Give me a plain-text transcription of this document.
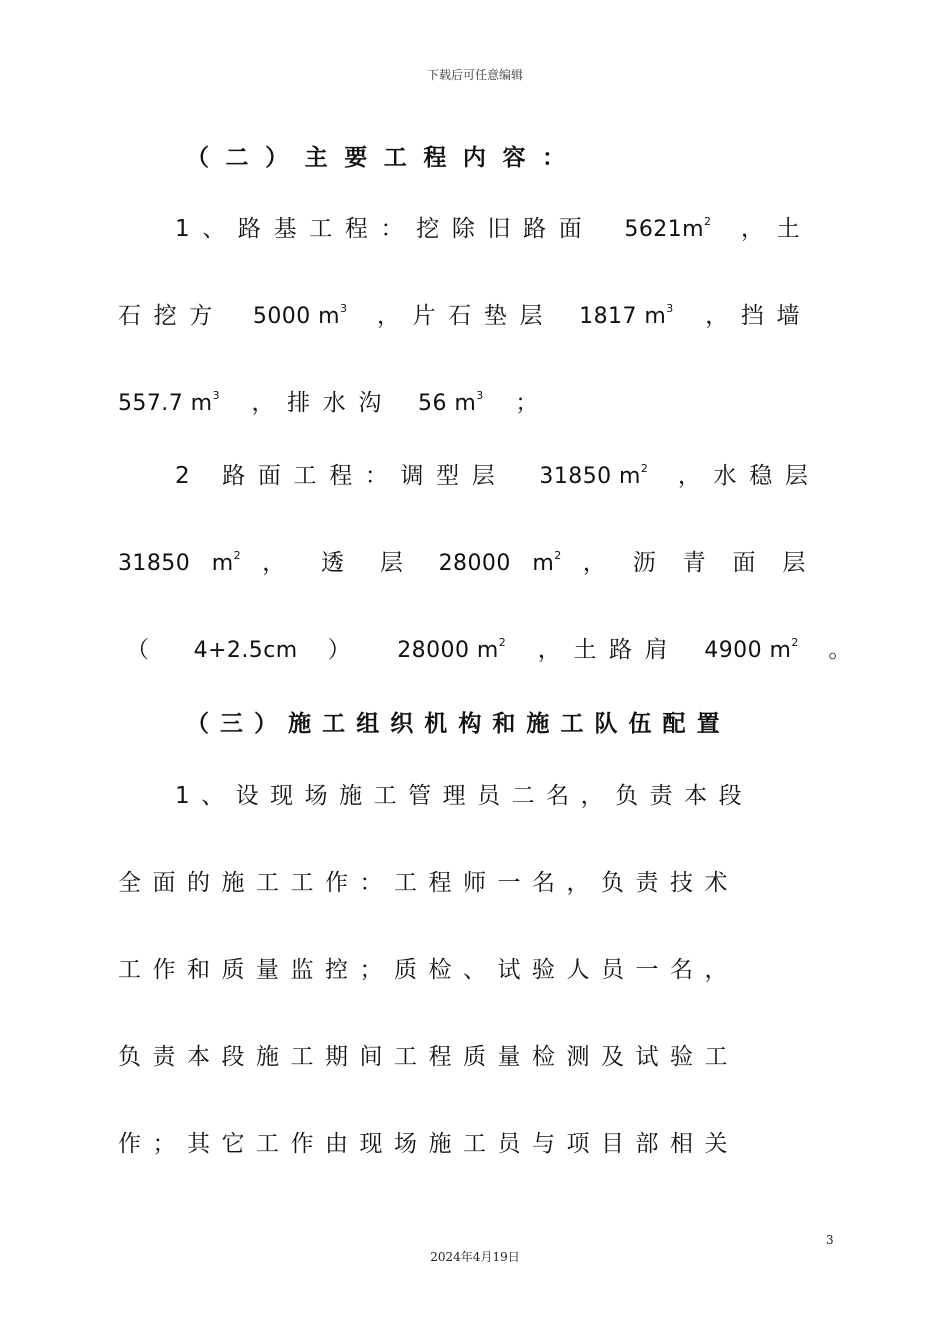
下载后可任意编辑
（二）主要工程内容：
1、路基工程：挖除旧路面 $5621m^2$ ，土
石挖方 5000 $m^3$ ，片石垫层 1817 $m^3$ ，挡墙
557.7 $m^3$ ，排水沟 56 $m^3$ ；
2 路面工程：调型层 31850 $m^2$ ，水稳层
31850 $m^2$ ， 透 层 28000 $m^2$ ，沥青面层
（ 4+2.5cm ） 28000 $m^2$ ，土路肩 4900 $m^2$ 。
（三）施工组织机构和施工队伍配置
1、设现场施工管理员二名，负责本段
全面的施工工作：工程师一名，负责技术
工作和质量监控；质检、试验人员一名，
负责本段施工期间工程质量检测及试验工
作；其它工作由现场施工员与项目部相关
3
2024年4月19日
